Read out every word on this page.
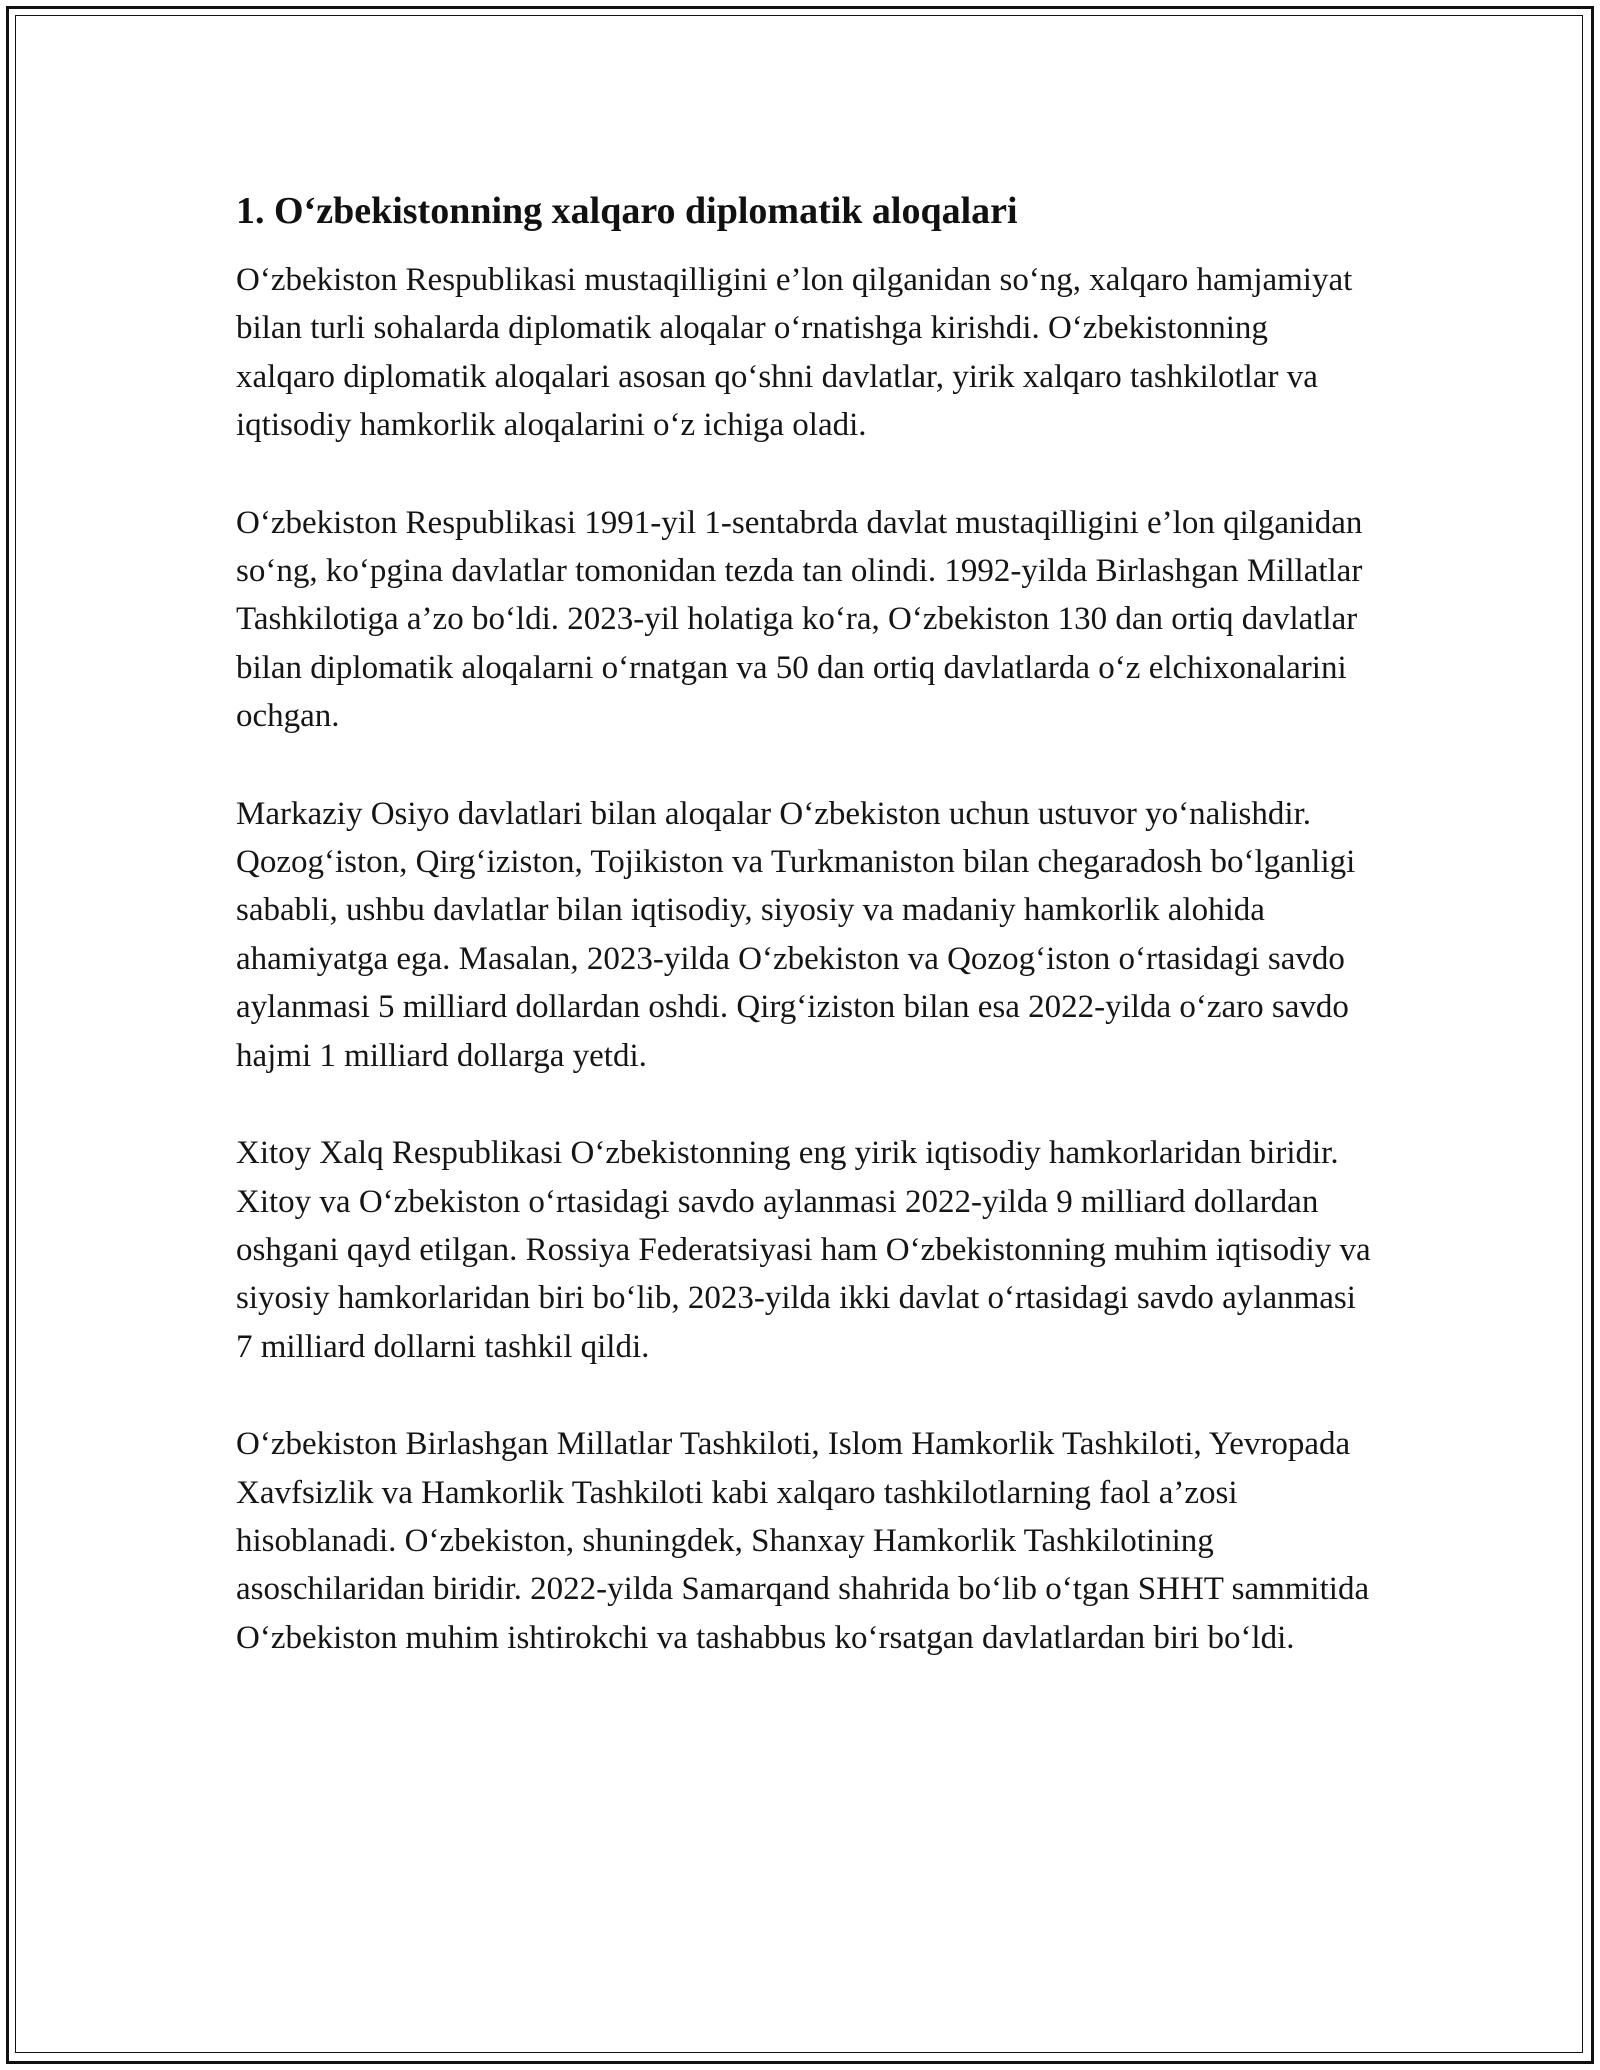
1. O‘zbekistonning xalqaro diplomatik aloqalari

O‘zbekiston Respublikasi mustaqilligini e’lon qilganidan so‘ng, xalqaro hamjamiyat bilan turli sohalarda diplomatik aloqalar o‘rnatishga kirishdi. O‘zbekistonning xalqaro diplomatik aloqalari asosan qo‘shni davlatlar, yirik xalqaro tashkilotlar va iqtisodiy hamkorlik aloqalarini o‘z ichiga oladi.

O‘zbekiston Respublikasi 1991-yil 1-sentabrda davlat mustaqilligini e’lon qilganidan so‘ng, ko‘pgina davlatlar tomonidan tezda tan olindi. 1992-yilda Birlashgan Millatlar Tashkilotiga a’zo bo‘ldi. 2023-yil holatiga ko‘ra, O‘zbekiston 130 dan ortiq davlatlar bilan diplomatik aloqalarni o‘rnatgan va 50 dan ortiq davlatlarda o‘z elchixonalarini ochgan.

Markaziy Osiyo davlatlari bilan aloqalar O‘zbekiston uchun ustuvor yo‘nalishdir. Qozog‘iston, Qirg‘iziston, Tojikiston va Turkmaniston bilan chegaradosh bo‘lganligi sababli, ushbu davlatlar bilan iqtisodiy, siyosiy va madaniy hamkorlik alohida ahamiyatga ega. Masalan, 2023-yilda O‘zbekiston va Qozog‘iston o‘rtasidagi savdo aylanmasi 5 milliard dollardan oshdi. Qirg‘iziston bilan esa 2022-yilda o‘zaro savdo hajmi 1 milliard dollarga yetdi.

Xitoy Xalq Respublikasi O‘zbekistonning eng yirik iqtisodiy hamkorlaridan biridir. Xitoy va O‘zbekiston o‘rtasidagi savdo aylanmasi 2022-yilda 9 milliard dollardan oshgani qayd etilgan. Rossiya Federatsiyasi ham O‘zbekistonning muhim iqtisodiy va siyosiy hamkorlaridan biri bo‘lib, 2023-yilda ikki davlat o‘rtasidagi savdo aylanmasi 7 milliard dollarni tashkil qildi.

O‘zbekiston Birlashgan Millatlar Tashkiloti, Islom Hamkorlik Tashkiloti, Yevropada Xavfsizlik va Hamkorlik Tashkiloti kabi xalqaro tashkilotlarning faol a’zosi hisoblanadi. O‘zbekiston, shuningdek, Shanxay Hamkorlik Tashkilotining asoschilaridan biridir. 2022-yilda Samarqand shahrida bo‘lib o‘tgan SHHT sammitida O‘zbekiston muhim ishtirokchi va tashabbus ko‘rsatgan davlatlardan biri bo‘ldi.
